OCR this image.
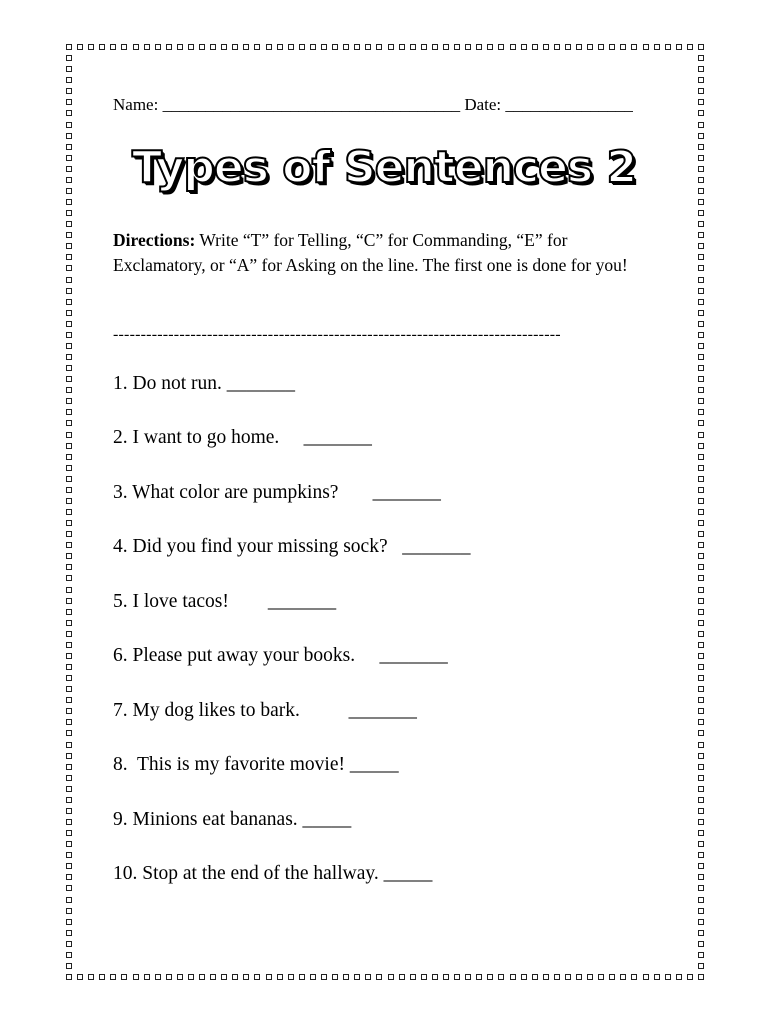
Name: ___________________________________ Date: _______________
Types of Sentences 2
Directions: Write “T” for Telling, “C” for Commanding, “E” for Exclamatory, or “A” for Asking on the line. The first one is done for you!
---------------------------------------------------------------------------------
1. Do not run. _______
2. I want to go home.     _______
3. What color are pumpkins?       _______
4. Did you find your missing sock?   _______
5. I love tacos!        _______
6. Please put away your books.     _______
7. My dog likes to bark.          _______
8.  This is my favorite movie! _____
9. Minions eat bananas. _____
10. Stop at the end of the hallway. _____
